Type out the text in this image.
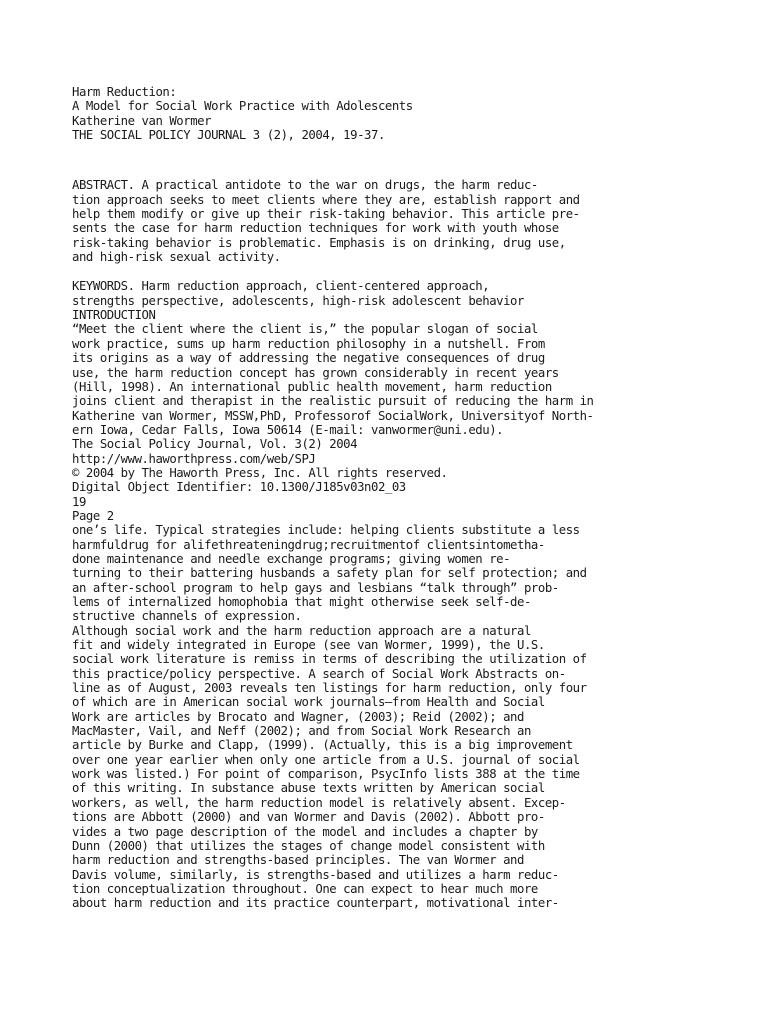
Harm Reduction:
A Model for Social Work Practice with Adolescents
Katherine van Wormer
THE SOCIAL POLICY JOURNAL 3 (2), 2004, 19-37.
ABSTRACT. A practical antidote to the war on drugs, the harm reduc-
tion approach seeks to meet clients where they are, establish rapport and
help them modify or give up their risk-taking behavior. This article pre-
sents the case for harm reduction techniques for work with youth whose
risk-taking behavior is problematic. Emphasis is on drinking, drug use,
and high-risk sexual activity.
KEYWORDS. Harm reduction approach, client-centered approach,
strengths perspective, adolescents, high-risk adolescent behavior
INTRODUCTION
“Meet the client where the client is,” the popular slogan of social
work practice, sums up harm reduction philosophy in a nutshell. From
its origins as a way of addressing the negative consequences of drug
use, the harm reduction concept has grown considerably in recent years
(Hill, 1998). An international public health movement, harm reduction
joins client and therapist in the realistic pursuit of reducing the harm in
Katherine van Wormer, MSSW,PhD, Professorof SocialWork, Universityof North-
ern Iowa, Cedar Falls, Iowa 50614 (E-mail: vanwormer@uni.edu).
The Social Policy Journal, Vol. 3(2) 2004
http://www.haworthpress.com/web/SPJ
© 2004 by The Haworth Press, Inc. All rights reserved.
Digital Object Identifier: 10.1300/J185v03n02_03
19
Page 2
one’s life. Typical strategies include: helping clients substitute a less
harmfuldrug for alifethreateningdrug;recruitmentof clientsintometha-
done maintenance and needle exchange programs; giving women re-
turning to their battering husbands a safety plan for self protection; and
an after-school program to help gays and lesbians “talk through” prob-
lems of internalized homophobia that might otherwise seek self-de-
structive channels of expression.
Although social work and the harm reduction approach are a natural
fit and widely integrated in Europe (see van Wormer, 1999), the U.S.
social work literature is remiss in terms of describing the utilization of
this practice/policy perspective. A search of Social Work Abstracts on-
line as of August, 2003 reveals ten listings for harm reduction, only four
of which are in American social work journals—from Health and Social
Work are articles by Brocato and Wagner, (2003); Reid (2002); and
MacMaster, Vail, and Neff (2002); and from Social Work Research an
article by Burke and Clapp, (1999). (Actually, this is a big improvement
over one year earlier when only one article from a U.S. journal of social
work was listed.) For point of comparison, PsycInfo lists 388 at the time
of this writing. In substance abuse texts written by American social
workers, as well, the harm reduction model is relatively absent. Excep-
tions are Abbott (2000) and van Wormer and Davis (2002). Abbott pro-
vides a two page description of the model and includes a chapter by
Dunn (2000) that utilizes the stages of change model consistent with
harm reduction and strengths-based principles. The van Wormer and
Davis volume, similarly, is strengths-based and utilizes a harm reduc-
tion conceptualization throughout. One can expect to hear much more
about harm reduction and its practice counterpart, motivational inter-
